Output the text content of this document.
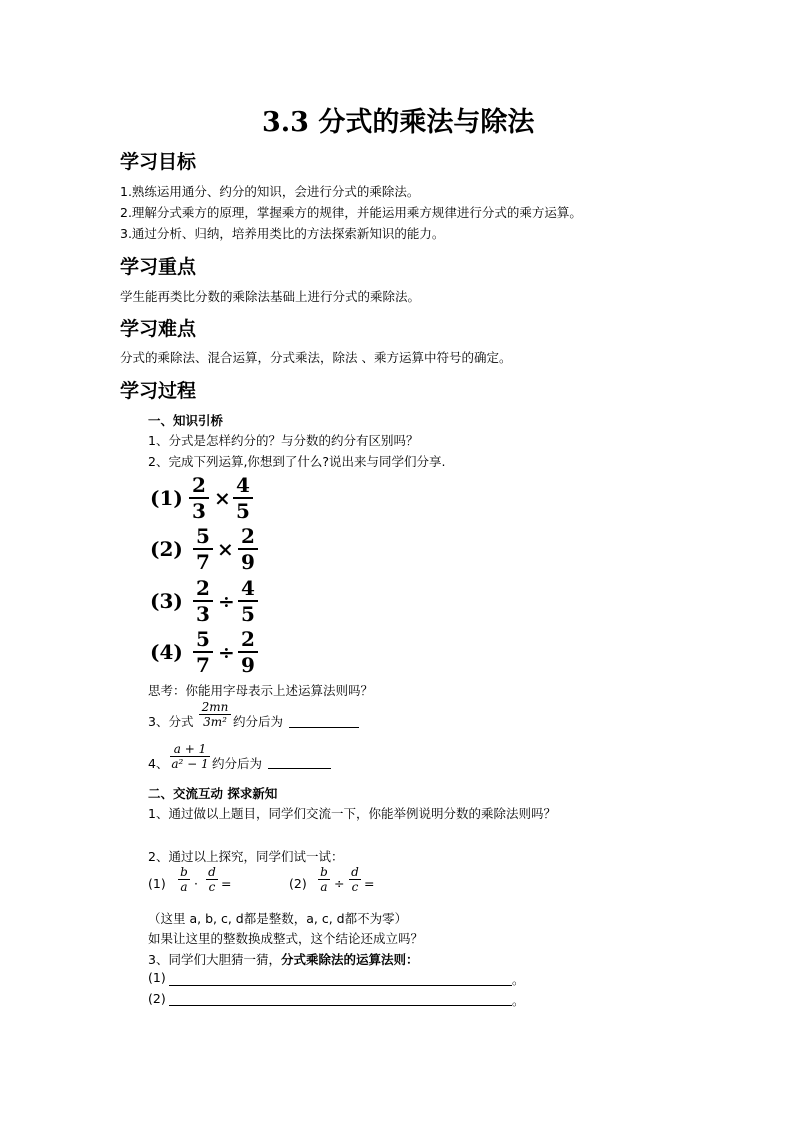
3.3 分式的乘法与除法
学习目标
1.熟练运用通分、约分的知识，会进行分式的乘除法。
2.理解分式乘方的原理，掌握乘方的规律，并能运用乘方规律进行分式的乘方运算。
3.通过分析、归纳，培养用类比的方法探索新知识的能力。
学习重点
学生能再类比分数的乘除法基础上进行分式的乘除法。
学习难点
分式的乘除法、混合运算，分式乘法，除法 、乘方运算中符号的确定。
学习过程
一、知识引桥
1、分式是怎样约分的？与分数的约分有区别吗？
2、完成下列运算,你想到了什么?说出来与同学们分享.
(1)
2
3
×
4
5
(2)
5
7
×
2
9
(3)
2
3
÷
4
5
(4)
5
7
÷
2
9
思考：你能用字母表示上述运算法则吗？
3、分式
2mn
3m² 约分后为
4、
a + 1
a² − 1 约分后为
二、交流互动 探求新知
1、通过做以上题目，同学们交流一下，你能举例说明分数的乘除法则吗？
2、通过以上探究，同学们试一试：
(1)
b
a ·
d
c =	(2)
b
a ÷
d
c =
（这里 a, b, c, d都是整数，a, c, d都不为零）
如果让这里的整数换成整式，这个结论还成立吗？
3、同学们大胆猜一猜，分式乘除法的运算法则：
(1)	。
(2)	。
